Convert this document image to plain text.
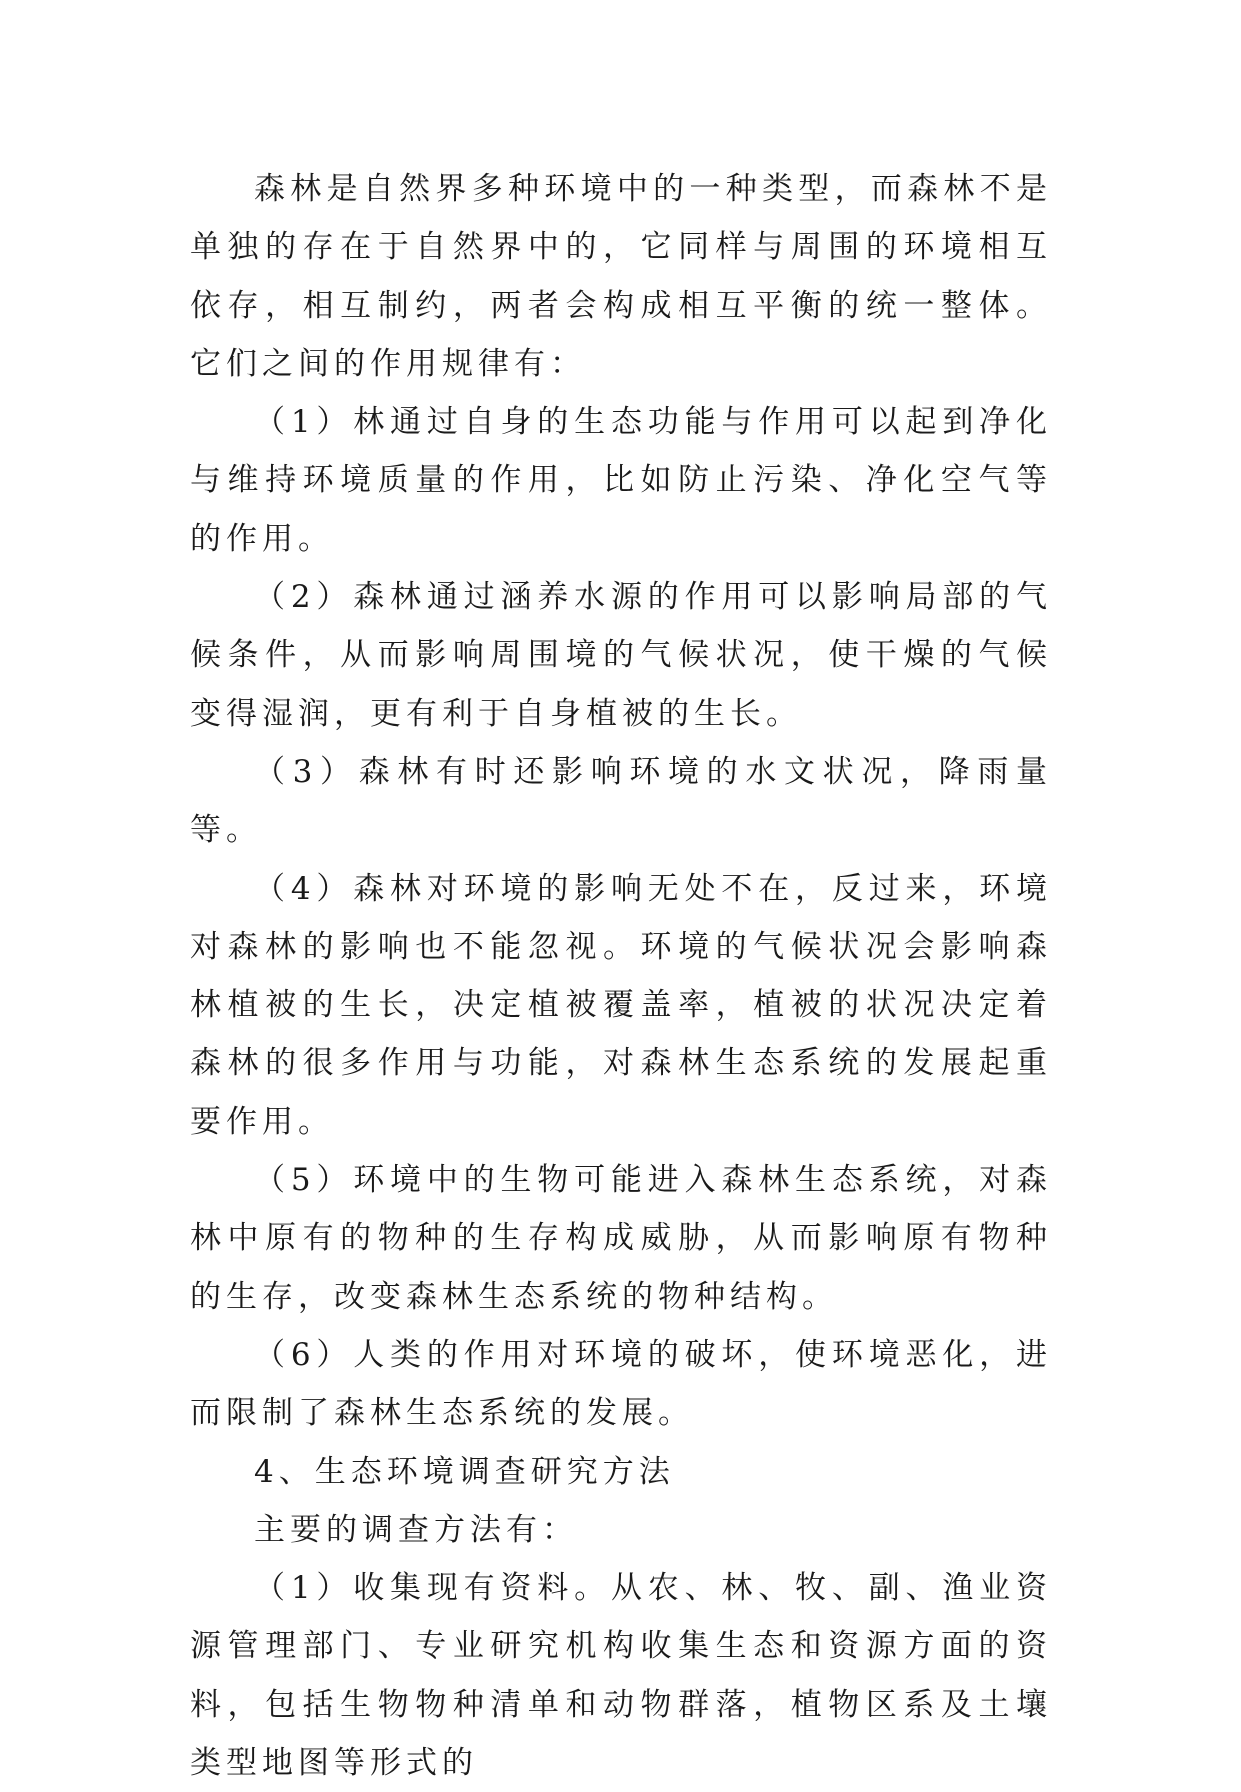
森林是自然界多种环境中的一种类型，而森林不是单独的存在于自然界中的，它同样与周围的环境相互依存，相互制约，两者会构成相互平衡的统一整体。它们之间的作用规律有：

（1）林通过自身的生态功能与作用可以起到净化与维持环境质量的作用，比如防止污染、净化空气等的作用。

（2）森林通过涵养水源的作用可以影响局部的气候条件，从而影响周围境的气候状况，使干燥的气候变得湿润，更有利于自身植被的生长。

（3）森林有时还影响环境的水文状况，降雨量等。

（4）森林对环境的影响无处不在，反过来，环境对森林的影响也不能忽视。环境的气候状况会影响森林植被的生长，决定植被覆盖率，植被的状况决定着森林的很多作用与功能，对森林生态系统的发展起重要作用。

（5）环境中的生物可能进入森林生态系统，对森林中原有的物种的生存构成威胁，从而影响原有物种的生存，改变森林生态系统的物种结构。

（6）人类的作用对环境的破坏，使环境恶化，进而限制了森林生态系统的发展。

4、生态环境调查研究方法

主要的调查方法有：

（1）收集现有资料。从农、林、牧、副、渔业资源管理部门、专业研究机构收集生态和资源方面的资料，包括生物物种清单和动物群落，植物区系及土壤类型地图等形式的
